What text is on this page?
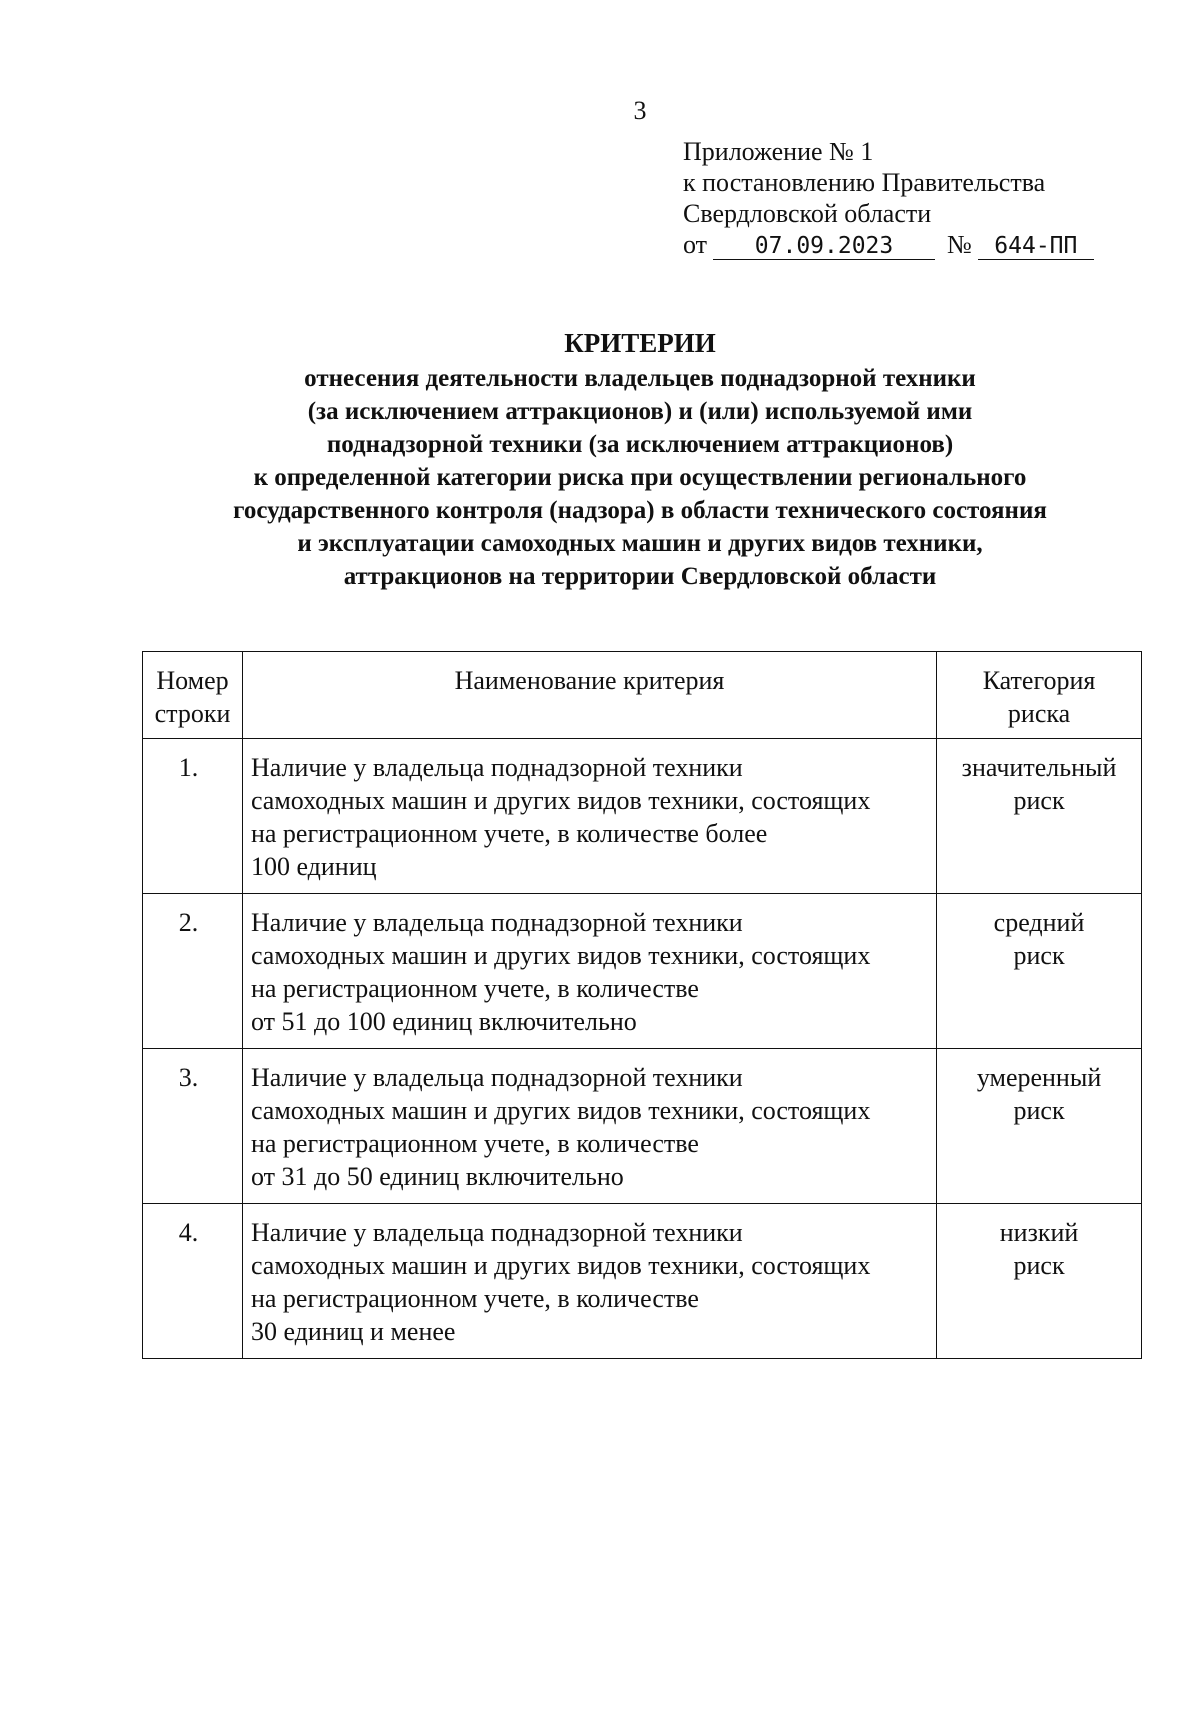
3
Приложение № 1
к постановлению Правительства
Свердловской области
от	07.09.2023	№ 644-ПП
КРИТЕРИИ
отнесения деятельности владельцев поднадзорной техники
(за исключением аттракционов) и (или) используемой ими
поднадзорной техники (за исключением аттракционов)
к определенной категории риска при осуществлении регионального
государственного контроля (надзора) в области технического состояния
и эксплуатации самоходных машин и других видов техники,
аттракционов на территории Свердловской области
Номер
строки	Наименование критерия	Категория
риска

1.	Наличие у владельца поднадзорной техники
самоходных машин и других видов техники, состоящих
на регистрационном учете, в количестве более
100 единиц	значительный
риск

2.	Наличие у владельца поднадзорной техники
самоходных машин и других видов техники, состоящих
на регистрационном учете, в количестве
от 51 до 100 единиц включительно	средний
риск

3.	Наличие у владельца поднадзорной техники
самоходных машин и других видов техники, состоящих
на регистрационном учете, в количестве
от 31 до 50 единиц включительно	умеренный
риск

4.	Наличие у владельца поднадзорной техники
самоходных машин и других видов техники, состоящих
на регистрационном учете, в количестве
30 единиц и менее	низкий
риск
